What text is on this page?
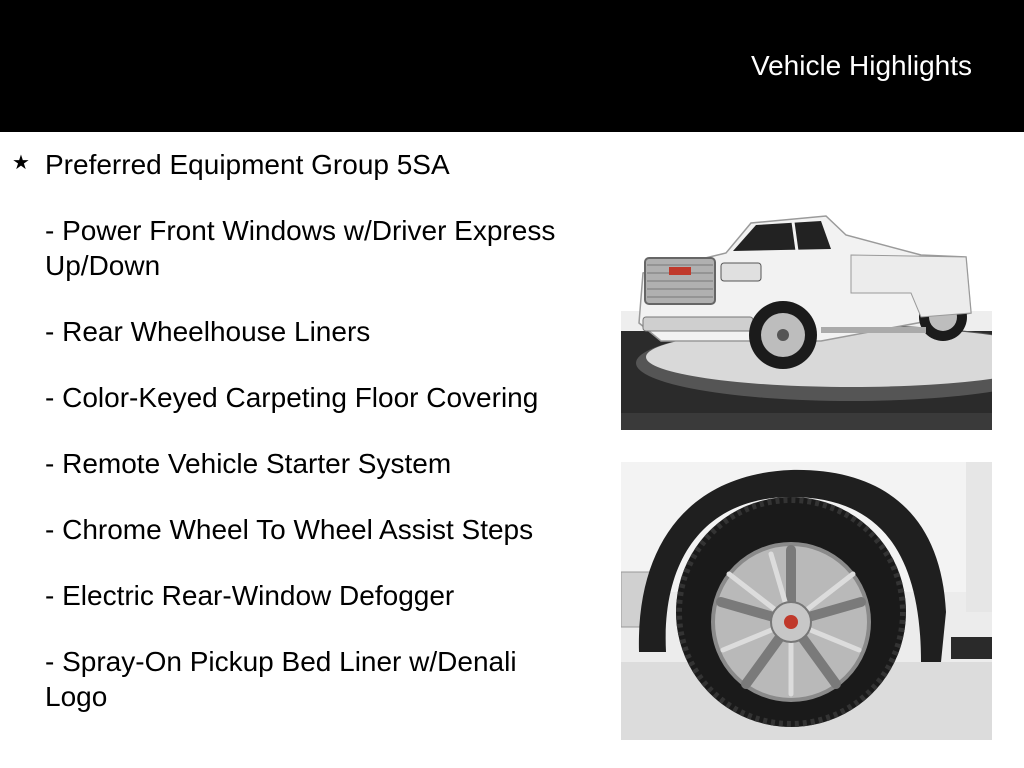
Vehicle Highlights
★ Preferred Equipment Group 5SA
- Power Front Windows w/Driver Express Up/Down
- Rear Wheelhouse Liners
- Color-Keyed Carpeting Floor Covering
- Remote Vehicle Starter System
- Chrome Wheel To Wheel Assist Steps
- Electric Rear-Window Defogger
- Spray-On Pickup Bed Liner w/Denali Logo
